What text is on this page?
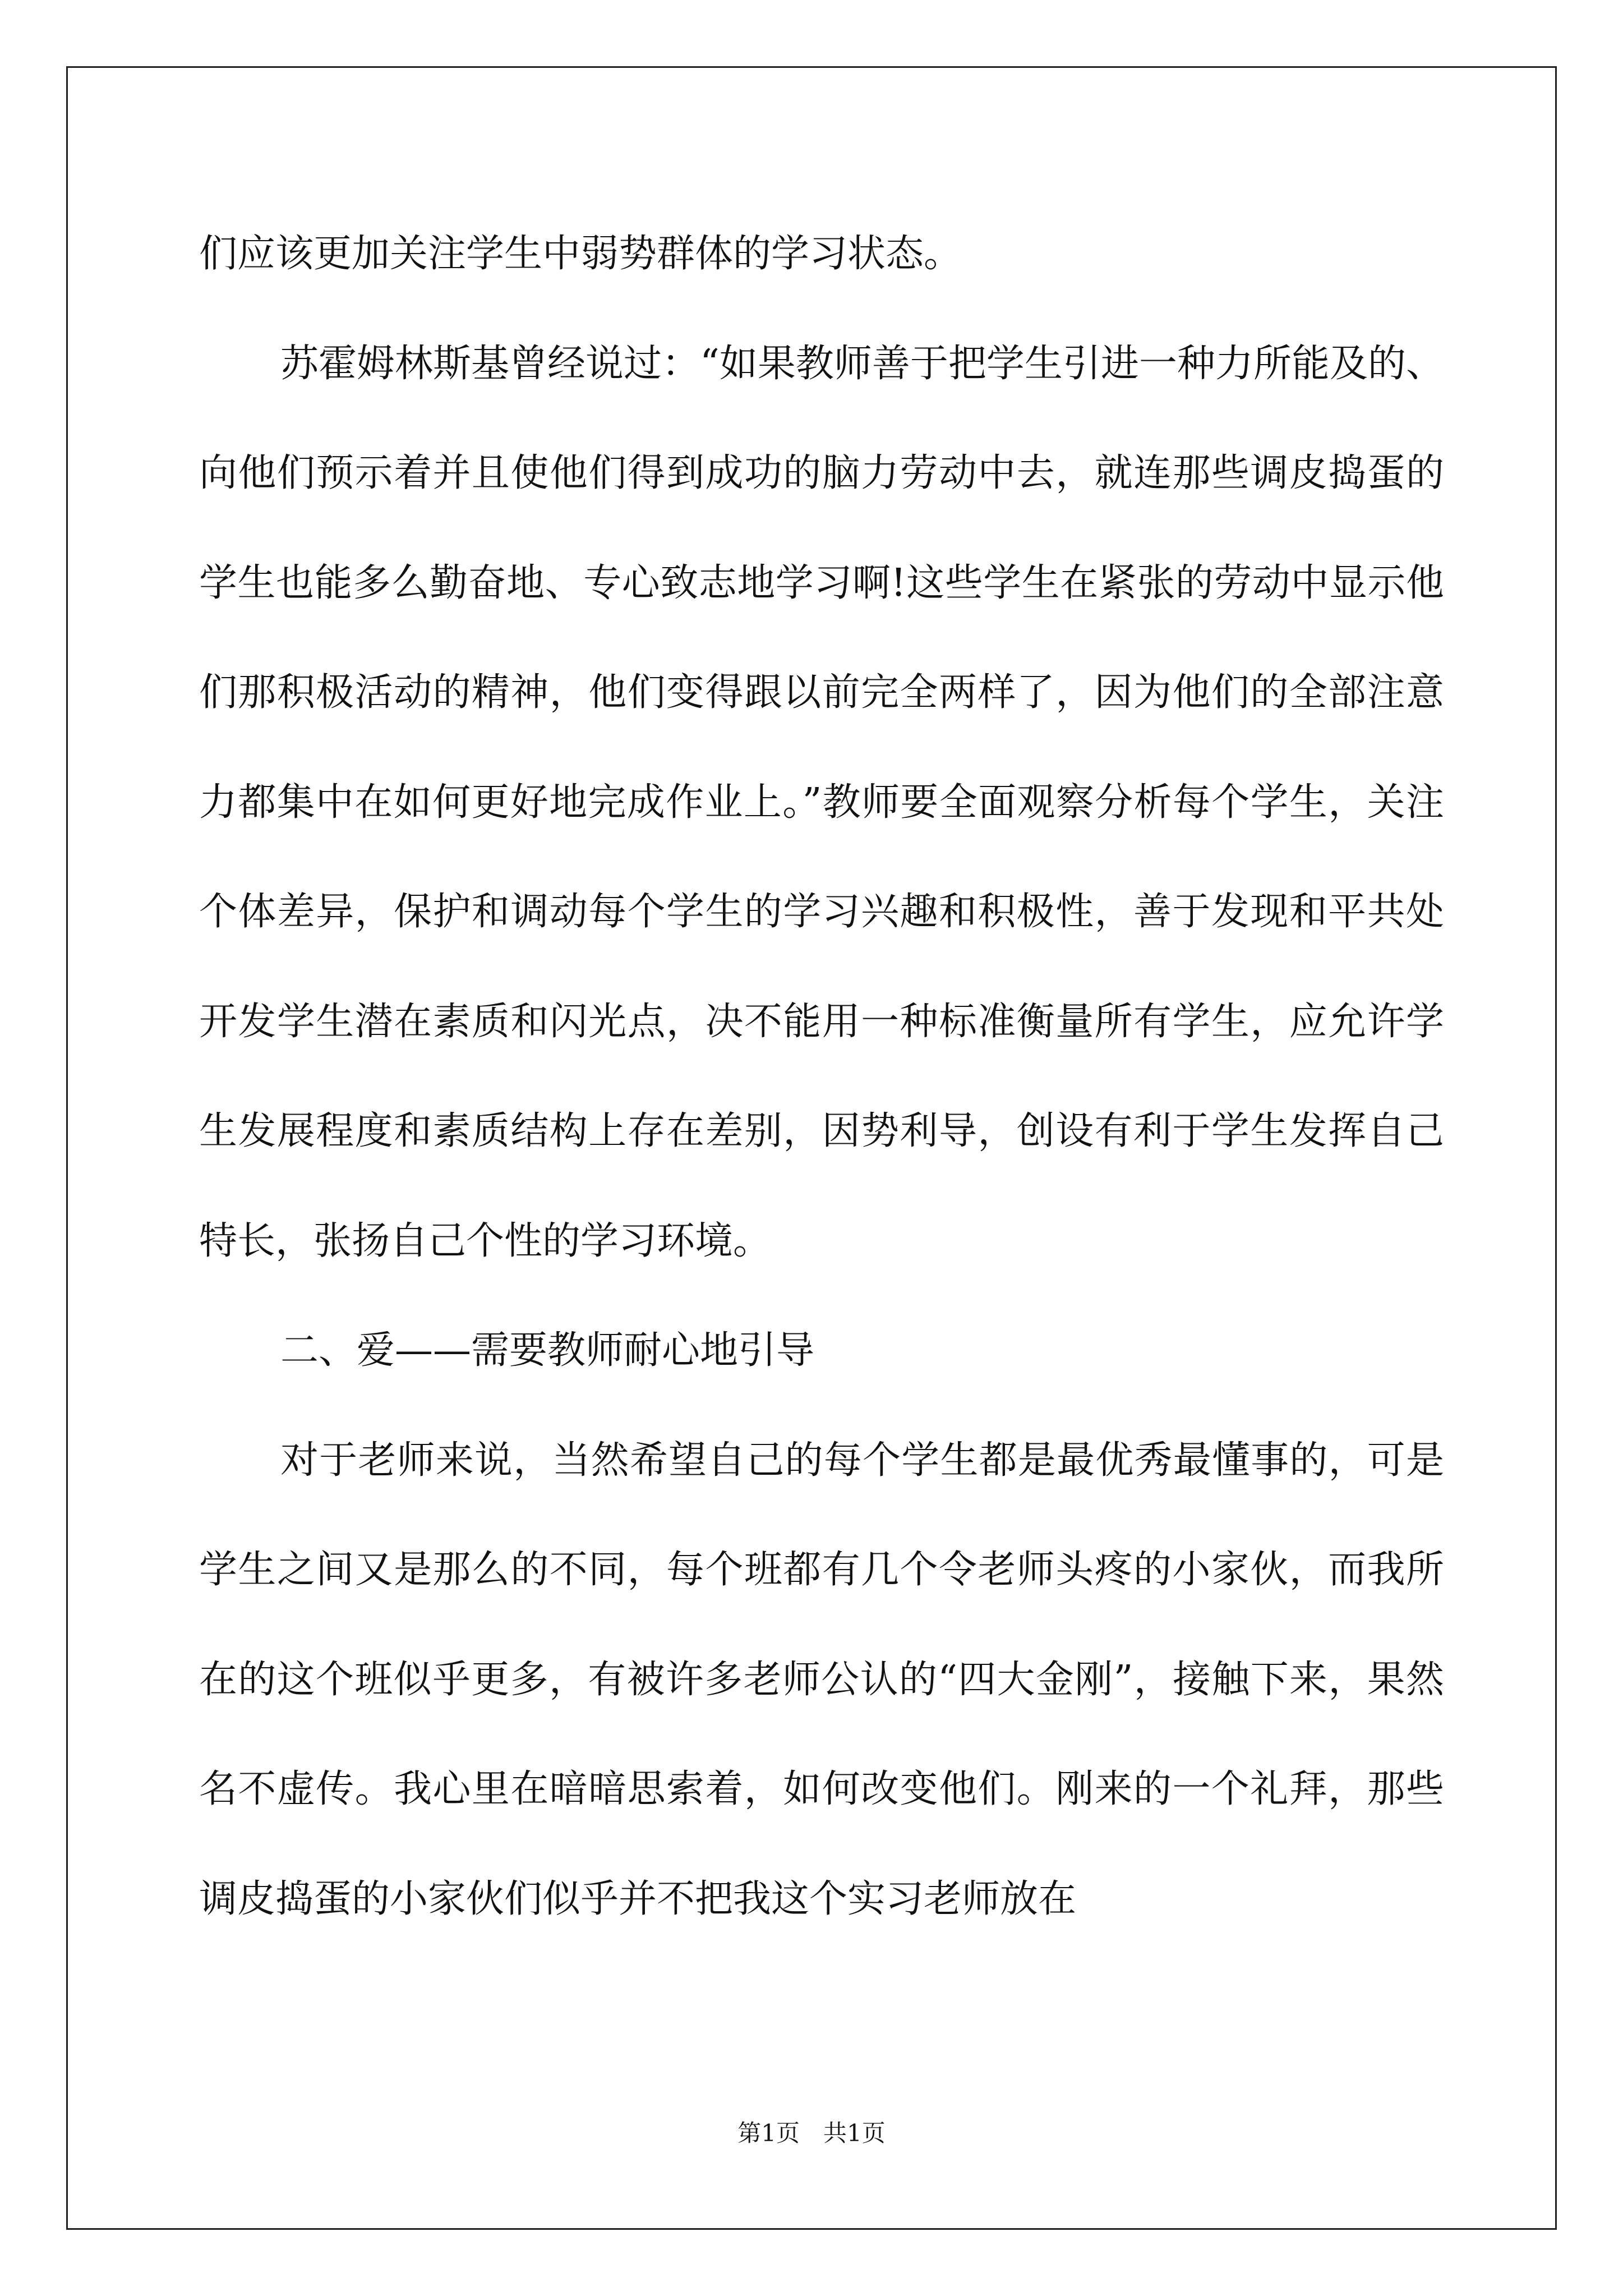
们应该更加关注学生中弱势群体的学习状态。

苏霍姆林斯基曾经说过：“如果教师善于把学生引进一种力所能及的、向他们预示着并且使他们得到成功的脑力劳动中去，就连那些调皮捣蛋的学生也能多么勤奋地、专心致志地学习啊!这些学生在紧张的劳动中显示他们那积极活动的精神，他们变得跟以前完全两样了，因为他们的全部注意力都集中在如何更好地完成作业上。”教师要全面观察分析每个学生，关注个体差异，保护和调动每个学生的学习兴趣和积极性，善于发现和平共处开发学生潜在素质和闪光点，决不能用一种标准衡量所有学生，应允许学生发展程度和素质结构上存在差别，因势利导，创设有利于学生发挥自己特长，张扬自己个性的学习环境。

二、爱——需要教师耐心地引导

对于老师来说，当然希望自己的每个学生都是最优秀最懂事的，可是学生之间又是那么的不同，每个班都有几个令老师头疼的小家伙，而我所在的这个班似乎更多，有被许多老师公认的“四大金刚”，接触下来，果然名不虚传。我心里在暗暗思索着，如何改变他们。刚来的一个礼拜，那些调皮捣蛋的小家伙们似乎并不把我这个实习老师放在

第1页　共1页
